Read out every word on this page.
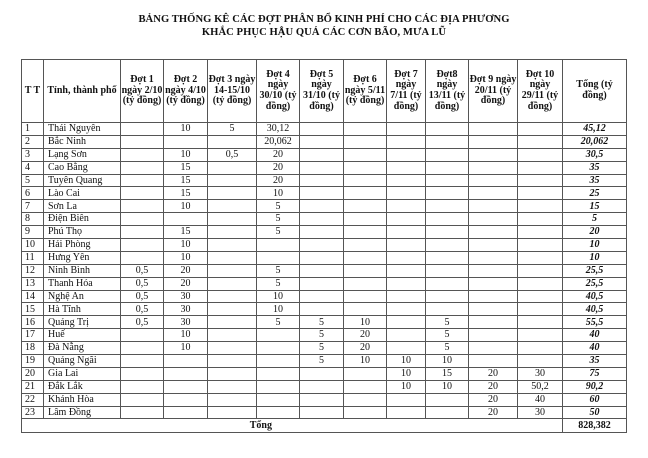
BẢNG THỐNG KÊ CÁC ĐỢT PHÂN BỔ KINH PHÍ CHO CÁC ĐỊA PHƯƠNG
KHẮC PHỤC HẬU QUẢ CÁC CƠN BÃO, MƯA LŨ
T T	Tỉnh, thành phố	Đợt 1 ngày 2/10 (tỷ đồng)	Đợt 2 ngày 4/10 (tỷ đồng)	Đợt 3 ngày 14-15/10 (tỷ đồng)	Đợt 4 ngày 30/10 (tỷ đồng)	Đợt 5 ngày 31/10 (tỷ đồng)	Đợt 6 ngày 5/11 (tỷ đồng)	Đợt 7 ngày 7/11 (tỷ đồng)	Đợt8 ngày 13/11 (tỷ đồng)	Đợt 9 ngày 20/11 (tỷ đồng)	Đợt 10 ngày 29/11 (tỷ đồng)	Tổng (tỷ đồng)
1	Thái Nguyên		10	5	30,12							45,12
2	Bắc Ninh				20,062							20,062
3	Lạng Sơn		10	0,5	20							30,5
4	Cao Bằng		15		20							35
5	Tuyên Quang		15		20							35
6	Lào Cai		15		10							25
7	Sơn La		10		5							15
8	Điện Biên				5							5
9	Phú Thọ		15		5							20
10	Hải Phòng		10									10
11	Hưng Yên		10									10
12	Ninh Bình	0,5	20		5							25,5
13	Thanh Hóa	0,5	20		5							25,5
14	Nghệ An	0,5	30		10							40,5
15	Hà Tĩnh	0,5	30		10							40,5
16	Quảng Trị	0,5	30		5	5	10		5			55,5
17	Huế		10			5	20		5			40
18	Đà Nẵng		10			5	20		5			40
19	Quảng Ngãi					5	10	10	10			35
20	Gia Lai							10	15	20	30	75
21	Đắk Lắk							10	10	20	50,2	90,2
22	Khánh Hòa									20	40	60
23	Lâm Đồng									20	30	50
Tổng												828,382
